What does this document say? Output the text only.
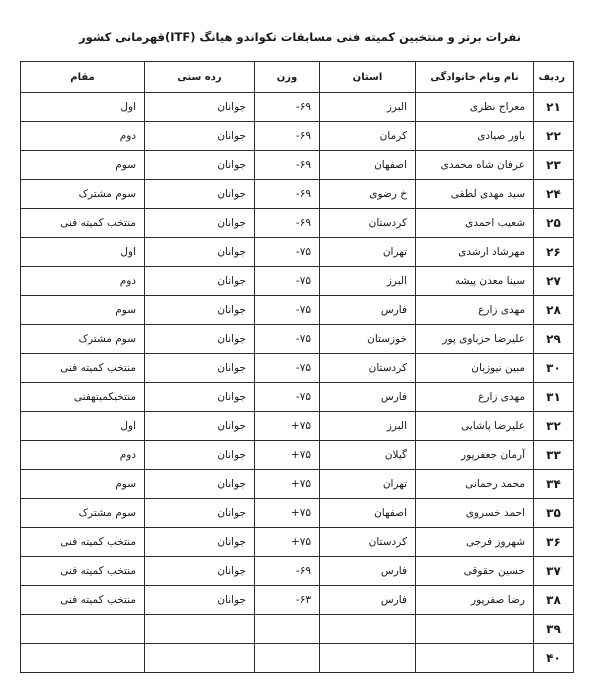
نفرات برتر و منتخبین کمیته فنی مسابقات تکواندو هیانگ (ITF)قهرمانی کشور
ردیف	نام ونام خانوادگی	استان	وزن	رده سنی	مقام
۲۱	معراج نظری	البرز	۶۹-	جوانان	اول
۲۲	یاور صیادی	کرمان	۶۹-	جوانان	دوم
۲۳	عرفان شاه محمدی	اصفهان	۶۹-	جوانان	سوم
۲۴	سید مهدی لطفی	خ رضوی	۶۹-	جوانان	سوم مشترک
۲۵	شعیب احمدی	کردستان	۶۹-	جوانان	منتخب کمیته فنی
۲۶	مهرشاد ارشدی	تهران	۷۵-	جوانان	اول
۲۷	سینا معدن پیشه	البرز	۷۵-	جوانان	دوم
۲۸	مهدی زارع	فارس	۷۵-	جوانان	سوم
۲۹	علیرضا حزباوی پور	خوزستان	۷۵-	جوانان	سوم مشترک
۳۰	مبین نیوزیان	کردستان	۷۵-	جوانان	منتخب کمیته فنی
۳۱	مهدی زارع	فارس	۷۵-	جوانان	منتخبکمیتهفنی
۳۲	علیرضا پاشایی	البرز	۷۵+	جوانان	اول
۳۳	آرمان جعفرپور	گیلان	۷۵+	جوانان	دوم
۳۴	محمد رحمانی	تهران	۷۵+	جوانان	سوم
۳۵	احمد خسروی	اصفهان	۷۵+	جوانان	سوم مشترک
۳۶	شهروز فرجی	کردستان	۷۵+	جوانان	منتخب کمیته فنی
۳۷	حسین حقوقی	فارس	۶۹-	جوانان	منتخب کمیته فنی
۳۸	رضا صفرپور	فارس	۶۳-	جوانان	منتخب کمیته فنی
۳۹					
۴۰					
